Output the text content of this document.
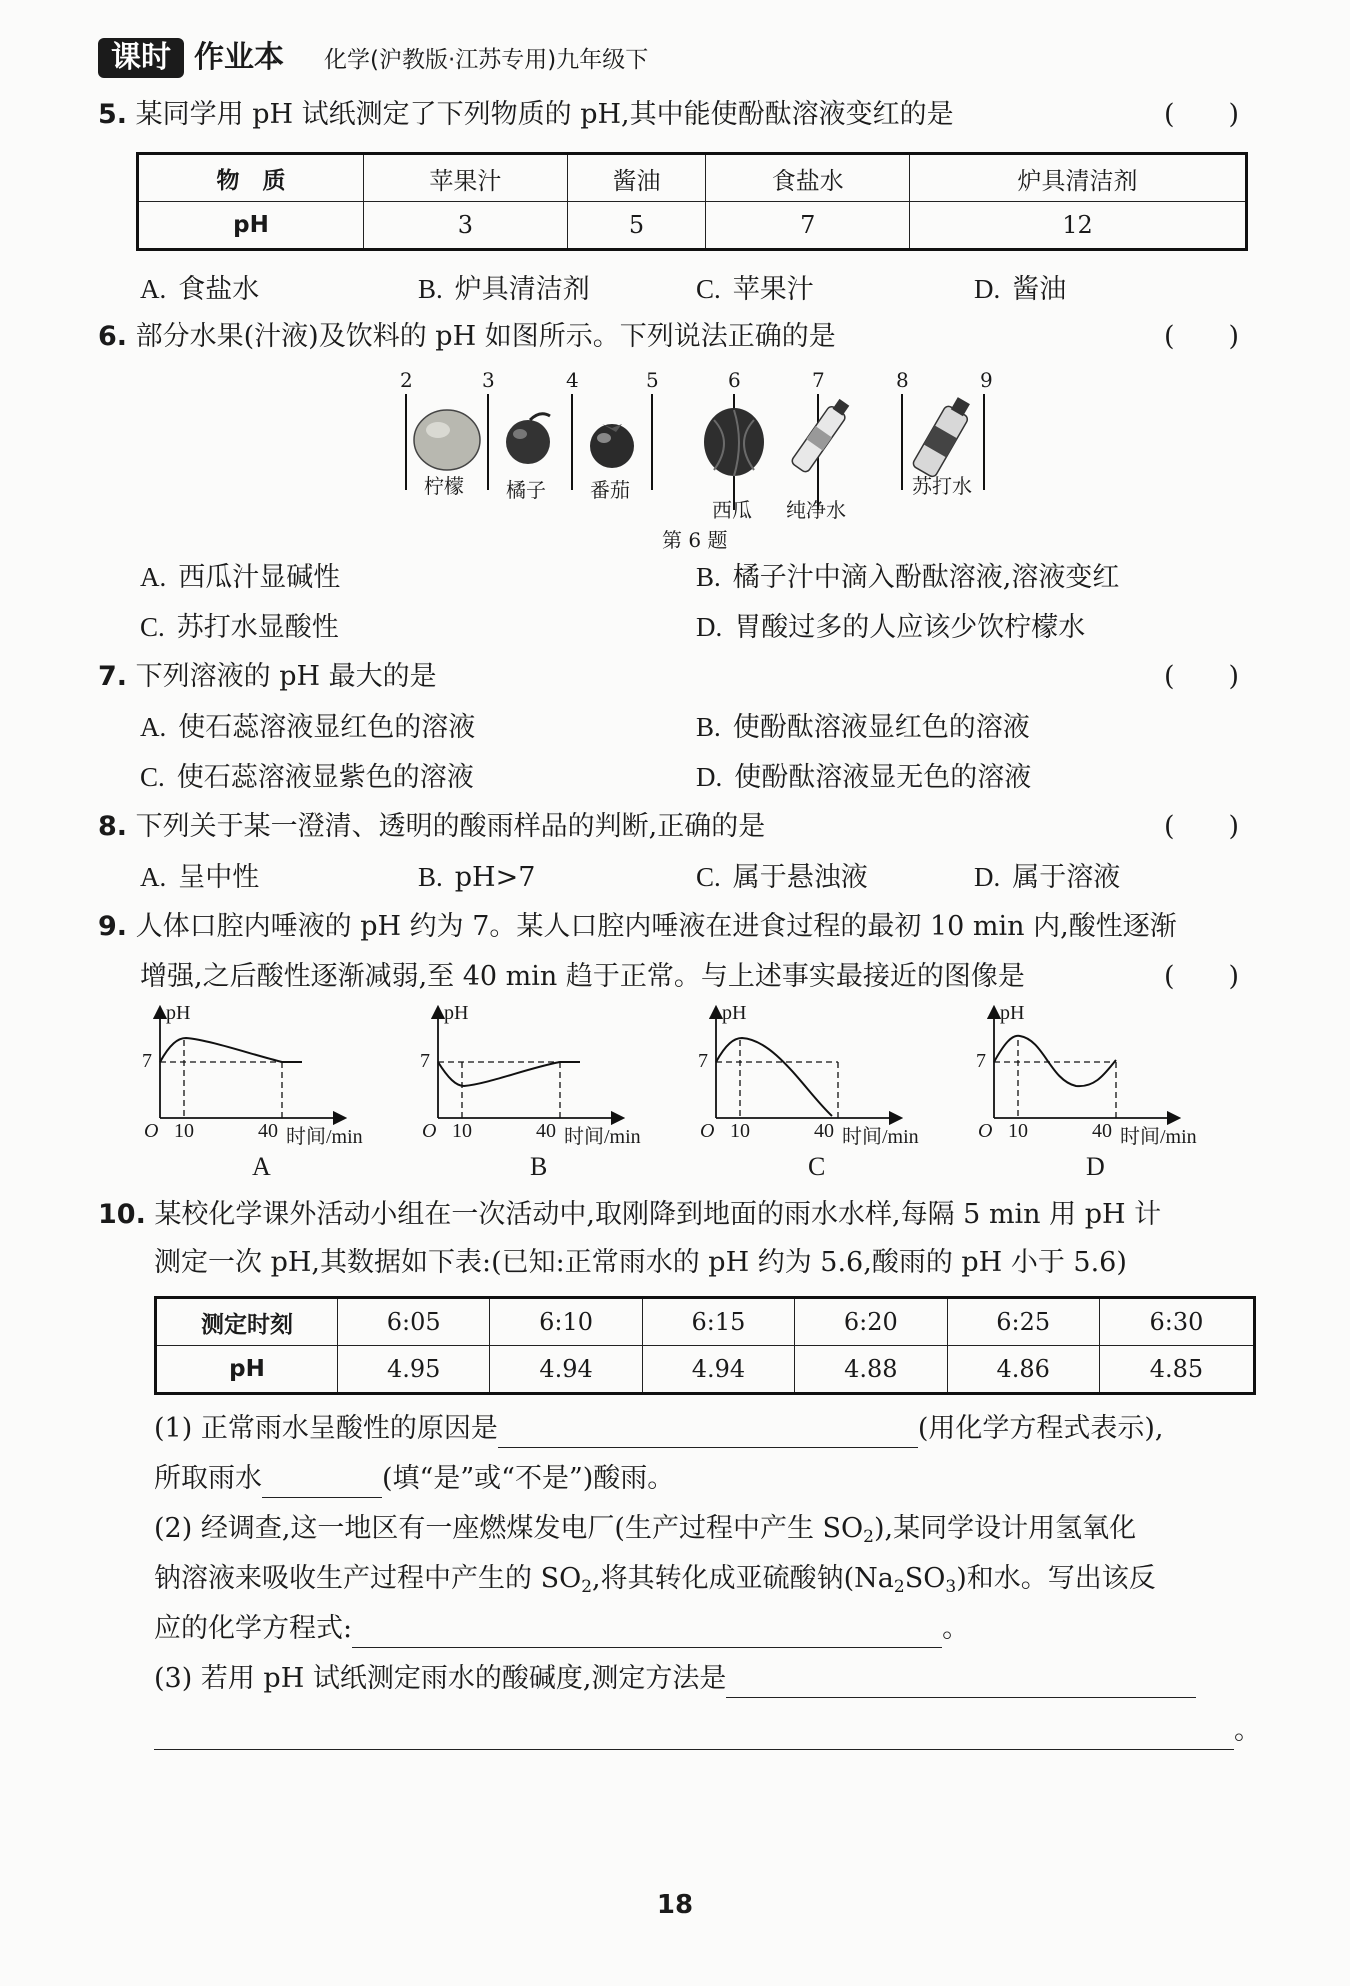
课时 作业本 化学(沪教版·江苏专用)九年级下
5. 某同学用 pH 试纸测定了下列物质的 pH,其中能使酚酞溶液变红的是	(　　)
物　质	苹果汁	酱油	食盐水	炉具清洁剂
pH	3	5	7	12
A. 食盐水	B. 炉具清洁剂	C. 苹果汁	D. 酱油
6. 部分水果(汁液)及饮料的 pH 如图所示。下列说法正确的是	(　　)
2	3	4	5	6	7	8	9
柠檬 橘子 番茄
西瓜 纯净水
苏打水
第 6 题
A. 西瓜汁显碱性	B. 橘子汁中滴入酚酞溶液,溶液变红
C. 苏打水显酸性	D. 胃酸过多的人应该少饮柠檬水
7. 下列溶液的 pH 最大的是	(　　)
A. 使石蕊溶液显红色的溶液	B. 使酚酞溶液显红色的溶液
C. 使石蕊溶液显紫色的溶液	D. 使酚酞溶液显无色的溶液
8. 下列关于某一澄清、透明的酸雨样品的判断,正确的是	(　　)
A. 呈中性	B. pH>7	C. 属于悬浊液	D. 属于溶液
9. 人体口腔内唾液的 pH 约为 7。某人口腔内唾液在进食过程的最初 10 min 内,酸性逐渐
增强,之后酸性逐渐减弱,至 40 min 趋于正常。与上述事实最接近的图像是	(　　)
pH
7
O 10	40 时间/min
pH
7
O 10	40 时间/min
pH
7
O 10	40 时间/min
pH
7
O 10	40 时间/min
A	B	C	D
10. 某校化学课外活动小组在一次活动中,取刚降到地面的雨水水样,每隔 5 min 用 pH 计
测定一次 pH,其数据如下表:(已知:正常雨水的 pH 约为 5.6,酸雨的 pH 小于 5.6)
测定时刻	6:05	6:10	6:15	6:20	6:25	6:30
pH	4.95	4.94	4.94	4.88	4.86	4.85
(1) 正常雨水呈酸性的原因是	(用化学方程式表示),
所取雨水	(填“是”或“不是”)酸雨。
(2) 经调查,这一地区有一座燃煤发电厂(生产过程中产生 $SO_2$),某同学设计用氢氧化
钠溶液来吸收生产过程中产生的 $SO_2$,将其转化成亚硫酸钠$(Na_2SO_3)$和水。写出该反
应的化学方程式:	。
(3) 若用 pH 试纸测定雨水的酸碱度,测定方法是
。
18
